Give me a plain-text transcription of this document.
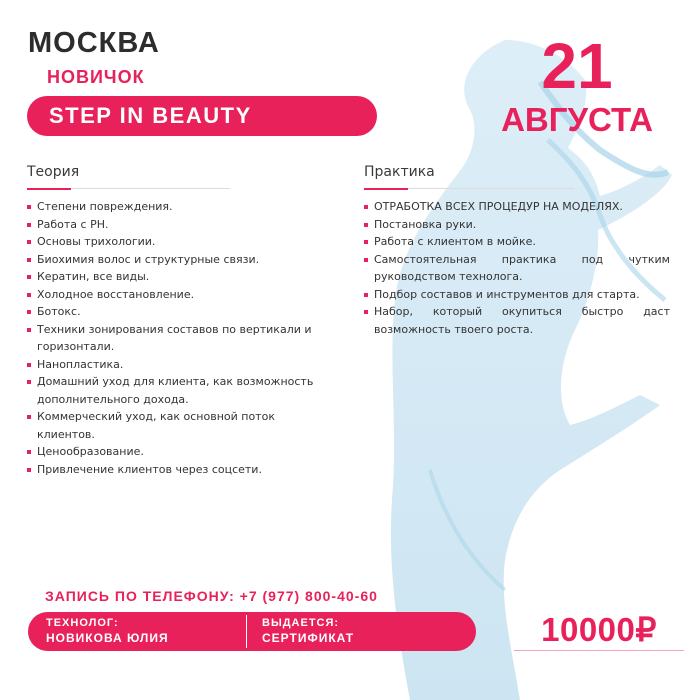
МОСКВА
НОВИЧОК
STEP IN BEAUTY
21
АВГУСТА
Теория
Степени повреждения.
Работа с РН.
Основы трихологии.
Биохимия волос и структурные связи.
Кератин, все виды.
Холодное восстановление.
Ботокс.
Техники зонирования составов по вертикали и горизонтали.
Нанопластика.
Домашний уход для клиента, как возможность дополнительного дохода.
Коммерческий уход, как основной поток клиентов.
Ценообразование.
Привлечение клиентов через соцсети.
Практика
ОТРАБОТКА ВСЕХ ПРОЦЕДУР НА МОДЕЛЯХ.
Постановка руки.
Работа с клиентом в мойке.
Самостоятельная практика под чутким руководством технолога.
Подбор составов и инструментов для старта.
Набор, который окупиться быстро даст возможность твоего роста.
ЗАПИСЬ ПО ТЕЛЕФОНУ: +7 (977) 800-40-60
ТЕХНОЛОГ:
НОВИКОВА ЮЛИЯ
ВЫДАЕТСЯ:
СЕРТИФИКАТ	10000₽
